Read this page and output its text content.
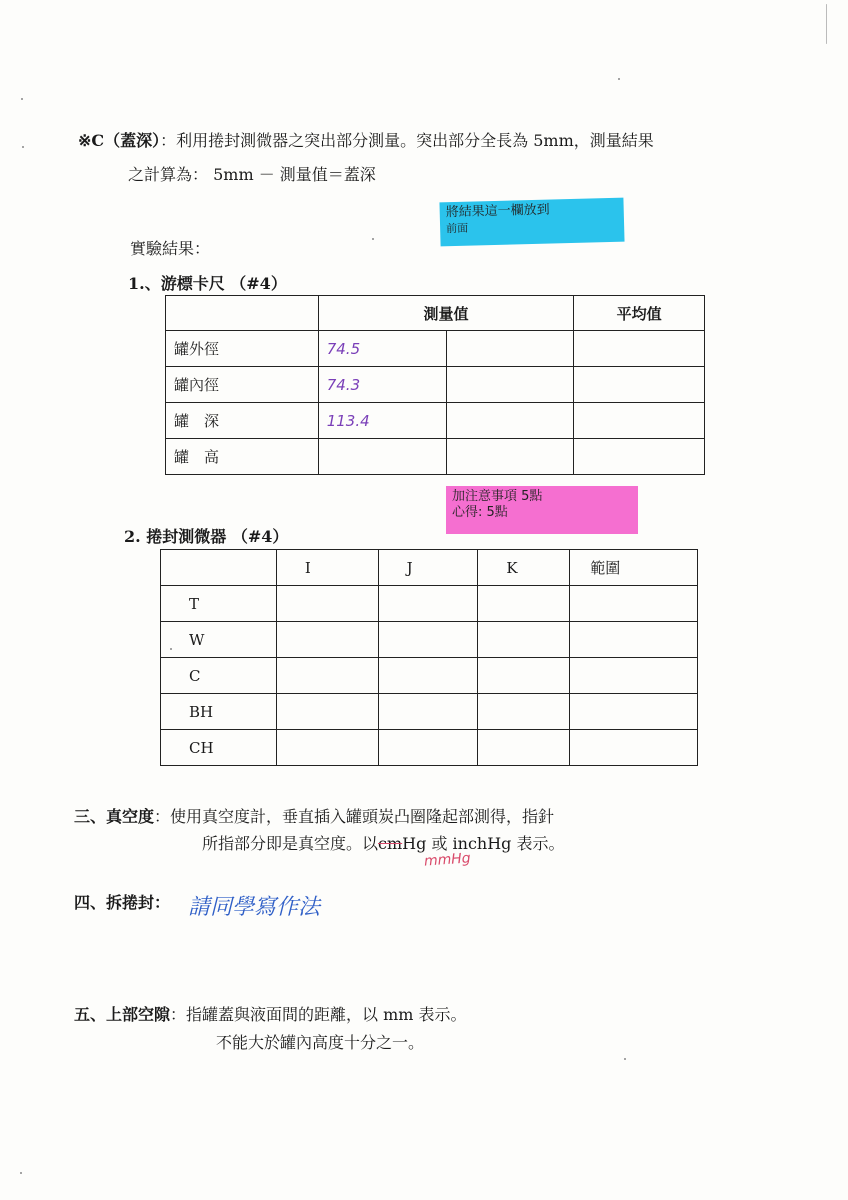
※C（蓋深）：利用捲封測微器之突出部分測量。突出部分全長為 5mm，測量結果
之計算為： 5mm － 測量值＝蓋深
將結果這一欄放到
前面
實驗結果：
1.、游標卡尺 （#4）
	測量值		平均值
罐外徑	74.5		
罐內徑	74.3		
罐　深	113.4		
罐　高			
加注意事項 5點
心得: 5點
2. 捲封測微器 （#4）
	I	J	K	範圍
T				
W				
C				
BH				
CH				
三、真空度：使用真空度計，垂直插入罐頭炭凸圈隆起部測得，指針
所指部分即是真空度。以cmHg 或 inchHg 表示。
mmHg
四、拆捲封： 請同學寫作法
五、上部空隙：指罐蓋與液面間的距離，以 mm 表示。
不能大於罐內高度十分之一。
